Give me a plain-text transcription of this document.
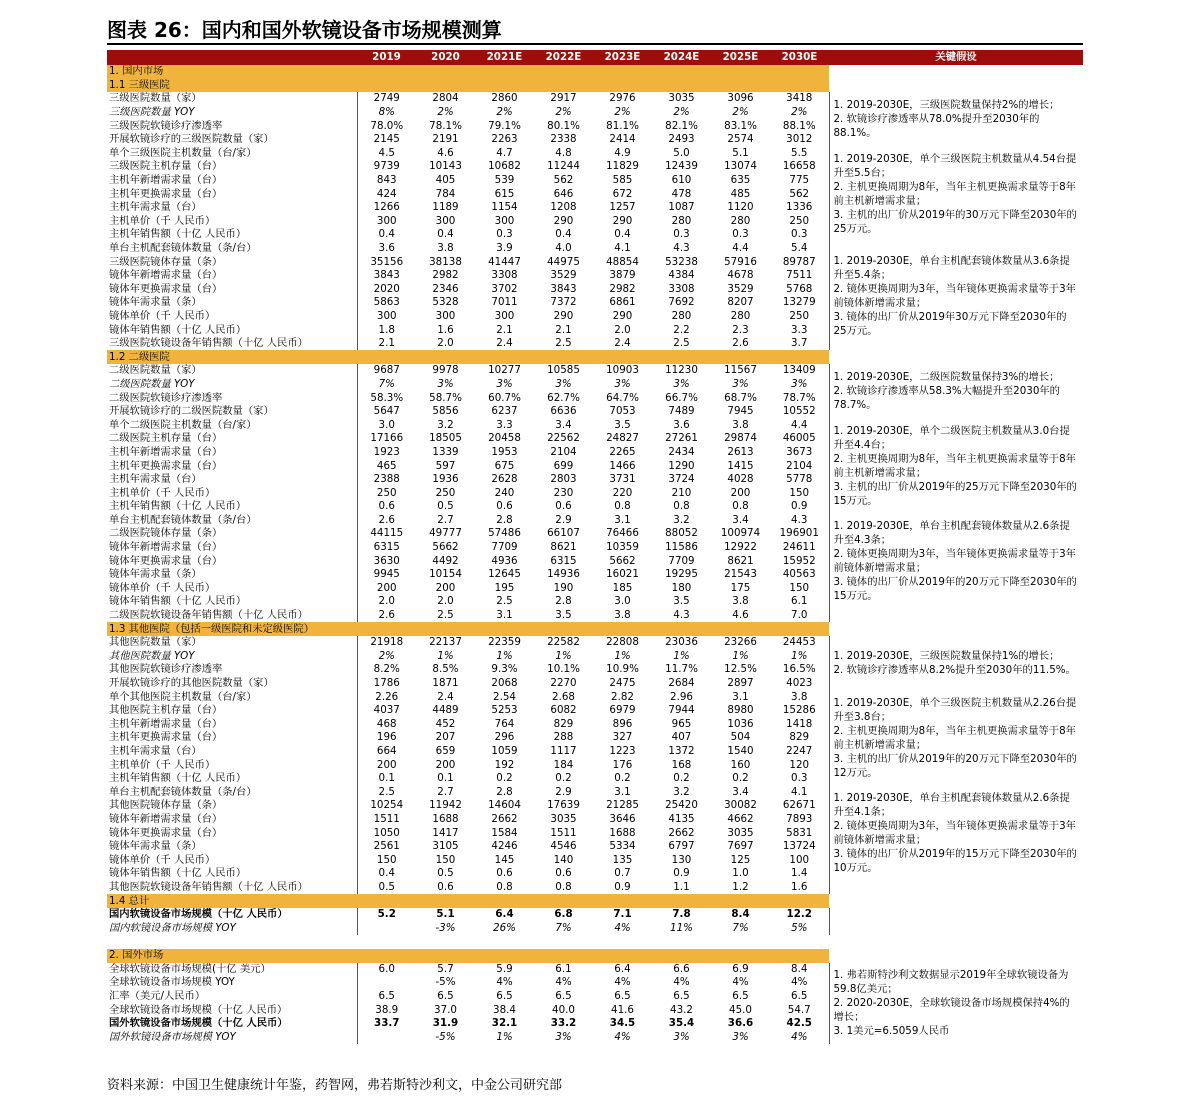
图表 26：国内和国外软镜设备市场规模测算
	2019	2020	2021E	2022E	2023E	2024E	2025E	2030E	关键假设
1. 国内市场									
1.1 三级医院									
三级医院数量（家）	2749	2804	2860	2917	2976	3035	3096	3418	1. 2019-2030E，三级医院数量保持2%的增长；
2. 软镜诊疗渗透率从78.0%提升至2030年的88.1%。

三级医院数量 YOY	8%	2%	2%	2%	2%	2%	2%	2%	
三级医院软镜诊疗渗透率	78.0%	78.1%	79.1%	80.1%	81.1%	82.1%	83.1%	88.1%	
开展软镜诊疗的三级医院数量（家）	2145	2191	2263	2338	2414	2493	2574	3012	
单个三级医院主机数量（台/家）	4.5	4.6	4.7	4.8	4.9	5.0	5.1	5.5	1. 2019-2030E，单个三级医院主机数量从4.54台提升至5.5台；
2. 主机更换周期为8年，当年主机更换需求量等于8年前主机新增需求量；
3. 主机的出厂价从2019年的30万元下降至2030年的25万元。

三级医院主机存量（台）	9739	10143	10682	11244	11829	12439	13074	16658	
主机年新增需求量（台）	843	405	539	562	585	610	635	775	
主机年更换需求量（台）	424	784	615	646	672	478	485	562	
主机年需求量（台）	1266	1189	1154	1208	1257	1087	1120	1336	
主机单价（千 人民币）	300	300	300	290	290	280	280	250	
主机年销售额（十亿 人民币）	0.4	0.4	0.3	0.4	0.4	0.3	0.3	0.3	
单台主机配套镜体数量（条/台）	3.6	3.8	3.9	4.0	4.1	4.3	4.4	5.4	1. 2019-2030E，单台主机配套镜体数量从3.6条提升至5.4条；
2. 镜体更换周期为3年，当年镜体更换需求量等于3年前镜体新增需求量；
3. 镜体的出厂价从2019年30万元下降至2030年的25万元。

三级医院镜体存量（条）	35156	38138	41447	44975	48854	53238	57916	89787	
镜体年新增需求量（台）	3843	2982	3308	3529	3879	4384	4678	7511	
镜体年更换需求量（台）	2020	2346	3702	3843	2982	3308	3529	5768	
镜体年需求量（条）	5863	5328	7011	7372	6861	7692	8207	13279	
镜体单价（千 人民币）	300	300	300	290	290	280	280	250	
镜体年销售额（十亿 人民币）	1.8	1.6	2.1	2.1	2.0	2.2	2.3	3.3	
三级医院软镜设备年销售额（十亿 人民币）	2.1	2.0	2.4	2.5	2.4	2.5	2.6	3.7	
1.2 二级医院									
二级医院数量（家）	9687	9978	10277	10585	10903	11230	11567	13409	1. 2019-2030E，二级医院数量保持3%的增长；
2. 软镜诊疗渗透率从58.3%大幅提升至2030年的78.7%。

二级医院数量 YOY	7%	3%	3%	3%	3%	3%	3%	3%	
二级医院软镜诊疗渗透率	58.3%	58.7%	60.7%	62.7%	64.7%	66.7%	68.7%	78.7%	
开展软镜诊疗的二级医院数量（家）	5647	5856	6237	6636	7053	7489	7945	10552	
单个二级医院主机数量（台/家）	3.0	3.2	3.3	3.4	3.5	3.6	3.8	4.4	1. 2019-2030E，单个二级医院主机数量从3.0台提升至4.4台；
2. 主机更换周期为8年，当年主机更换需求量等于8年前主机新增需求量；
3. 主机的出厂价从2019年的25万元下降至2030年的15万元。

二级医院主机存量（台）	17166	18505	20458	22562	24827	27261	29874	46005	
主机年新增需求量（台）	1923	1339	1953	2104	2265	2434	2613	3673	
主机年更换需求量（台）	465	597	675	699	1466	1290	1415	2104	
主机年需求量（台）	2388	1936	2628	2803	3731	3724	4028	5778	
主机单价（千 人民币）	250	250	240	230	220	210	200	150	
主机年销售额（十亿 人民币）	0.6	0.5	0.6	0.6	0.8	0.8	0.8	0.9	
单台主机配套镜体数量（条/台）	2.6	2.7	2.8	2.9	3.1	3.2	3.4	4.3	1. 2019-2030E，单台主机配套镜体数量从2.6条提升至4.3条；
2. 镜体更换周期为3年，当年镜体更换需求量等于3年前镜体新增需求量；
3. 镜体的出厂价从2019年的20万元下降至2030年的15万元。

二级医院镜体存量（条）	44115	49777	57486	66107	76466	88052	100974	196901	
镜体年新增需求量（台）	6315	5662	7709	8621	10359	11586	12922	24611	
镜体年更换需求量（台）	3630	4492	4936	6315	5662	7709	8621	15952	
镜体年需求量（条）	9945	10154	12645	14936	16021	19295	21543	40563	
镜体单价（千 人民币）	200	200	195	190	185	180	175	150	
镜体年销售额（十亿 人民币）	2.0	2.0	2.5	2.8	3.0	3.5	3.8	6.1	
二级医院软镜设备年销售额（十亿 人民币）	2.6	2.5	3.1	3.5	3.8	4.3	4.6	7.0	
1.3 其他医院（包括一级医院和未定级医院）									
其他医院数量（家）	21918	22137	22359	22582	22808	23036	23266	24453	1. 2019-2030E，三级医院数量保持1%的增长；
2. 软镜诊疗渗透率从8.2%提升至2030年的11.5%。

其他医院数量 YOY	2%	1%	1%	1%	1%	1%	1%	1%	
其他医院软镜诊疗渗透率	8.2%	8.5%	9.3%	10.1%	10.9%	11.7%	12.5%	16.5%	
开展软镜诊疗的其他医院数量（家）	1786	1871	2068	2270	2475	2684	2897	4023	
单个其他医院主机数量（台/家）	2.26	2.4	2.54	2.68	2.82	2.96	3.1	3.8	1. 2019-2030E，单个三级医院主机数量从2.26台提升至3.8台；
2. 主机更换周期为8年，当年主机更换需求量等于8年前主机新增需求量；
3. 主机的出厂价从2019年的20万元下降至2030年的12万元。

其他医院主机存量（台）	4037	4489	5253	6082	6979	7944	8980	15286	
主机年新增需求量（台）	468	452	764	829	896	965	1036	1418	
主机年更换需求量（台）	196	207	296	288	327	407	504	829	
主机年需求量（台）	664	659	1059	1117	1223	1372	1540	2247	
主机单价（千 人民币）	200	200	192	184	176	168	160	120	
主机年销售额（十亿 人民币）	0.1	0.1	0.2	0.2	0.2	0.2	0.2	0.3	
单台主机配套镜体数量（条/台）	2.5	2.7	2.8	2.9	3.1	3.2	3.4	4.1	1. 2019-2030E，单台主机配套镜体数量从2.6条提升至4.1条；
2. 镜体更换周期为3年，当年镜体更换需求量等于3年前镜体新增需求量；
3. 镜体的出厂价从2019年的15万元下降至2030年的10万元。

其他医院镜体存量（条）	10254	11942	14604	17639	21285	25420	30082	62671	
镜体年新增需求量（台）	1511	1688	2662	3035	3646	4135	4662	7893	
镜体年更换需求量（台）	1050	1417	1584	1511	1688	2662	3035	5831	
镜体年需求量（条）	2561	3105	4246	4546	5334	6797	7697	13724	
镜体单价（千 人民币）	150	150	145	140	135	130	125	100	
镜体年销售额（十亿 人民币）	0.4	0.5	0.6	0.6	0.7	0.9	1.0	1.4	
其他医院软镜设备年销售额（十亿 人民币）	0.5	0.6	0.8	0.8	0.9	1.1	1.2	1.6	
1.4 总计									
国内软镜设备市场规模（十亿 人民币）	5.2	5.1	6.4	6.8	7.1	7.8	8.4	12.2	
国内软镜设备市场规模 YOY		-3%	26%	7%	4%	11%	7%	5%	

2. 国外市场									
全球软镜设备市场规模(十亿 美元）	6.0	5.7	5.9	6.1	6.4	6.6	6.9	8.4	1. 弗若斯特沙利文数据显示2019年全球软镜设备为59.8亿美元；
2. 2020-2030E，全球软镜设备市场规模保持4%的增长；
3. 1美元=6.5059人民币

全球软镜设备市场规模 YOY		-5%	4%	4%	4%	4%	4%	4%	
汇率（美元/人民币）	6.5	6.5	6.5	6.5	6.5	6.5	6.5	6.5	
全球软镜设备市场规模（十亿 人民币）	38.9	37.0	38.4	40.0	41.6	43.2	45.0	54.7	
国外软镜设备市场规模（十亿 人民币）	33.7	31.9	32.1	33.2	34.5	35.4	36.6	42.5	
国外软镜设备市场规模 YOY		-5%	1%	3%	4%	3%	3%	4%	
资料来源：中国卫生健康统计年鉴，药智网，弗若斯特沙利文，中金公司研究部
